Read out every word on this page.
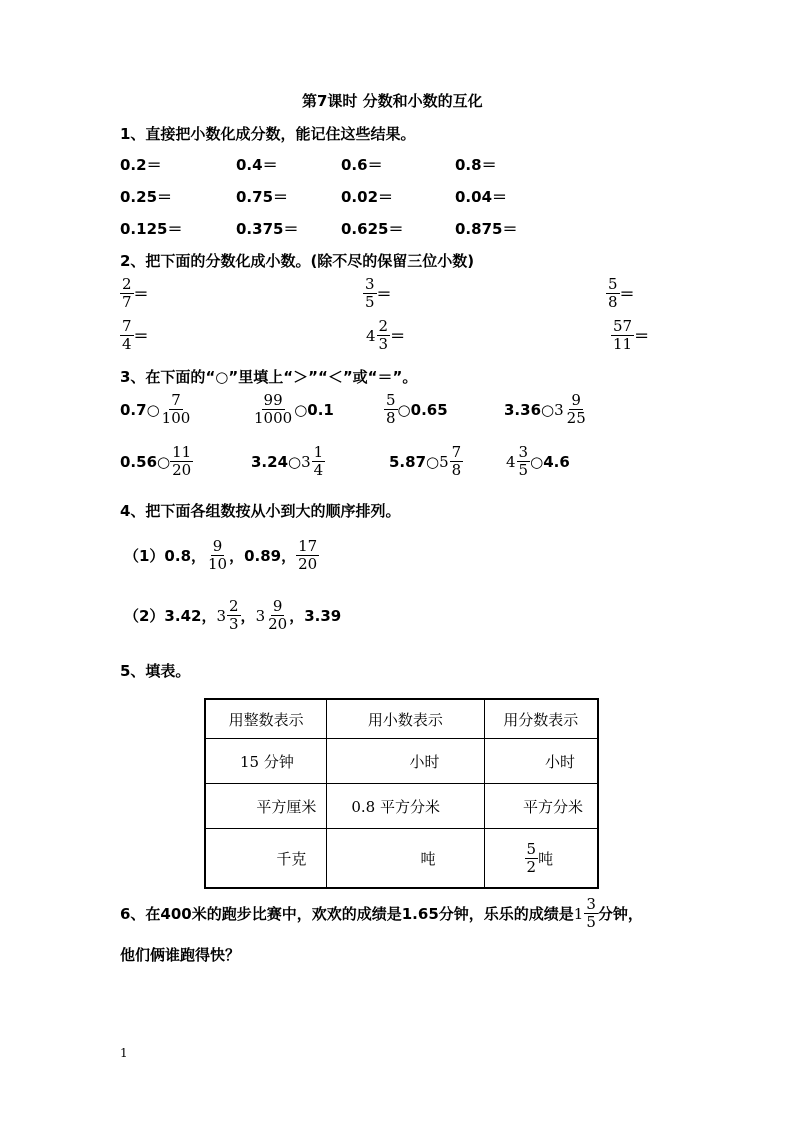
第7课时 分数和小数的互化
1、直接把小数化成分数，能记住这些结果。
0.2＝	0.4＝	0.6＝	0.8＝
0.25＝	0.75＝	0.02＝	0.04＝
0.125＝	0.375＝	0.625＝	0.875＝
2、把下面的分数化成小数。(除不尽的保留三位小数)
$\frac{2}{7}$ ＝	$\frac{3}{5}$ ＝	$\frac{5}{8}$ ＝
$\frac{7}{4}$ ＝	$4 \frac{2}{3}$ ＝	$\frac{57}{11}$ ＝
3、在下面的“○”里填上“＞”“＜”或“＝”。
0.7 ○ $\frac{7}{100}$	$\frac{99}{1000}$ ○ 0.1	$\frac{5}{8}$ ○ 0.65	3.36 ○ $3 \frac{9}{25}$
0.56 ○ $\frac{11}{20}$	3.24 ○ $3 \frac{1}{4}$	5.87 ○ $5 \frac{7}{8}$	$4 \frac{3}{5}$ ○ 4.6
4、把下面各组数按从小到大的顺序排列。
（1）0.8， $\frac{9}{10}$ ，0.89， $\frac{17}{20}$
（2）3.42， $3 \frac{2}{3}$ ， $3 \frac{9}{20}$ ，3.39
5、填表。
用整数表示	用小数表示	用分数表示
15 分钟	小时	小时
平方厘米	0.8 平方分米	平方分米
千克	吨	$\frac{5}{2}$ 吨
6、在400米的跑步比赛中，欢欢的成绩是1.65分钟，乐乐的成绩是 $1 \frac{3}{5}$ 分钟，
他们俩谁跑得快？
1
